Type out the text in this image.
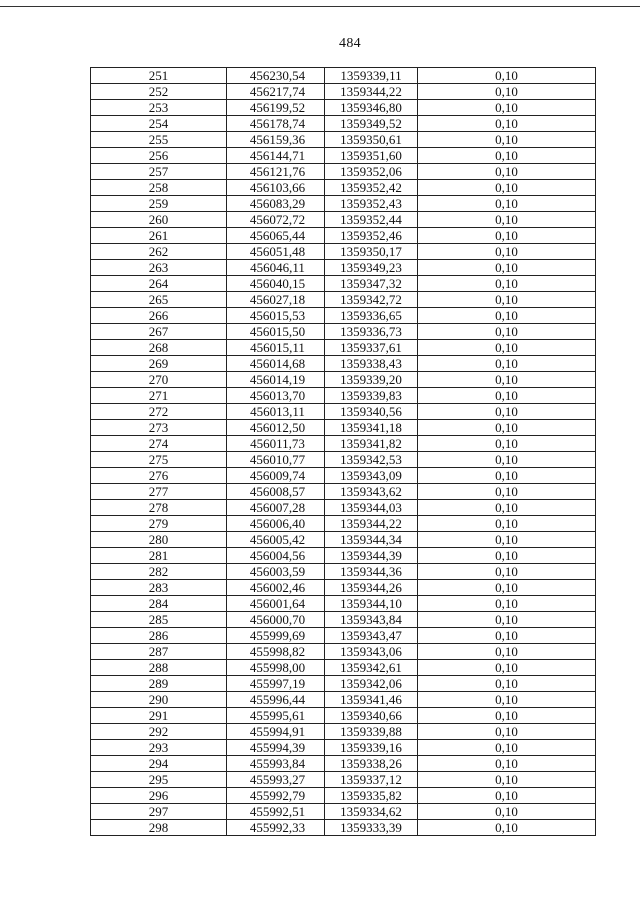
484
251	456230,54	1359339,11	0,10
252	456217,74	1359344,22	0,10
253	456199,52	1359346,80	0,10
254	456178,74	1359349,52	0,10
255	456159,36	1359350,61	0,10
256	456144,71	1359351,60	0,10
257	456121,76	1359352,06	0,10
258	456103,66	1359352,42	0,10
259	456083,29	1359352,43	0,10
260	456072,72	1359352,44	0,10
261	456065,44	1359352,46	0,10
262	456051,48	1359350,17	0,10
263	456046,11	1359349,23	0,10
264	456040,15	1359347,32	0,10
265	456027,18	1359342,72	0,10
266	456015,53	1359336,65	0,10
267	456015,50	1359336,73	0,10
268	456015,11	1359337,61	0,10
269	456014,68	1359338,43	0,10
270	456014,19	1359339,20	0,10
271	456013,70	1359339,83	0,10
272	456013,11	1359340,56	0,10
273	456012,50	1359341,18	0,10
274	456011,73	1359341,82	0,10
275	456010,77	1359342,53	0,10
276	456009,74	1359343,09	0,10
277	456008,57	1359343,62	0,10
278	456007,28	1359344,03	0,10
279	456006,40	1359344,22	0,10
280	456005,42	1359344,34	0,10
281	456004,56	1359344,39	0,10
282	456003,59	1359344,36	0,10
283	456002,46	1359344,26	0,10
284	456001,64	1359344,10	0,10
285	456000,70	1359343,84	0,10
286	455999,69	1359343,47	0,10
287	455998,82	1359343,06	0,10
288	455998,00	1359342,61	0,10
289	455997,19	1359342,06	0,10
290	455996,44	1359341,46	0,10
291	455995,61	1359340,66	0,10
292	455994,91	1359339,88	0,10
293	455994,39	1359339,16	0,10
294	455993,84	1359338,26	0,10
295	455993,27	1359337,12	0,10
296	455992,79	1359335,82	0,10
297	455992,51	1359334,62	0,10
298	455992,33	1359333,39	0,10
